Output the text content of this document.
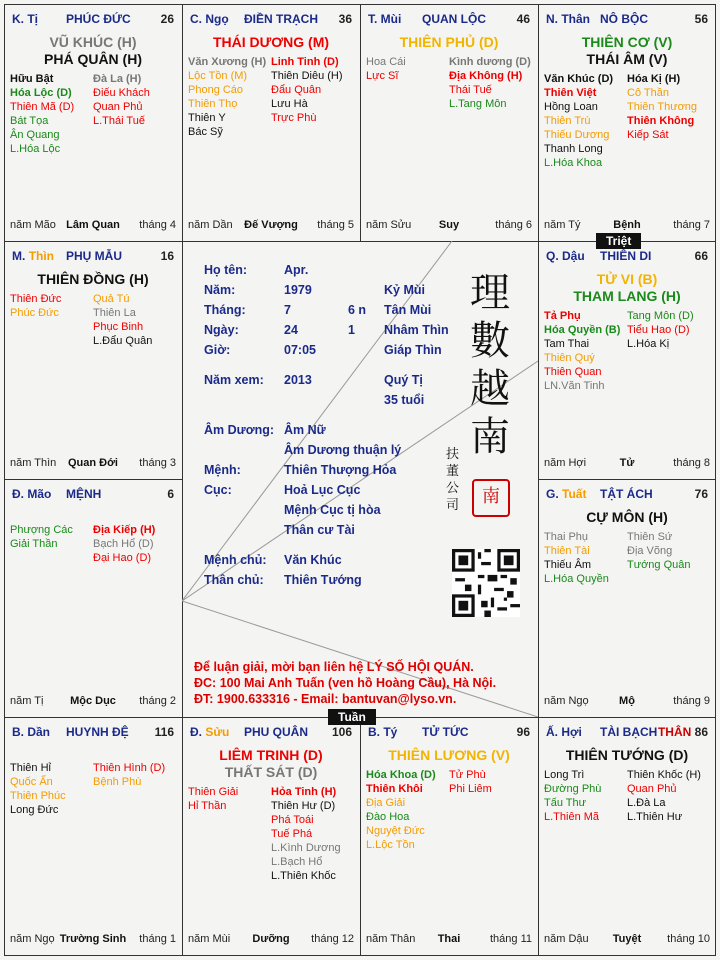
K. Tị PHÚC ĐỨC	26
VŨ KHÚC (H)
PHÁ QUÂN (H)
Hữu Bật
Hóa Lộc (D)
Thiên Mã (D)
Bát Tọa
Ân Quang
L.Hóa Lộc
Đà La (H)
Điếu Khách
Quan Phủ
L.Thái Tuế
năm Mão Lâm Quan	tháng 4
C. Ngọ ĐIỀN TRẠCH 36
THÁI DƯƠNG (M)
Văn Xương (H)
Lộc Tồn (M)
Phong Cáo
Thiên Thọ
Thiên Y
Bác Sỹ
Linh Tinh (D)
Thiên Diêu (H)
Đẩu Quân
Lưu Hà
Trực Phù
năm Dần	Đế Vượng	tháng 5
T. Mùi QUAN LỘC	46
THIÊN PHỦ (D)
Hoa Cái
Lực Sĩ
Kình dương (D)
Địa Không (H)
Thái Tuế
L.Tang Môn
năm Sửu	Suy	tháng 6
N. Thân NÔ BỘC	56
THIÊN CƠ (V)
THÁI ÂM (V)
Văn Khúc (D)
Thiên Việt
Hồng Loan
Thiên Trù
Thiếu Dương
Thanh Long
L.Hóa Khoa
Hóa Kị (H)
Cô Thần
Thiên Thương
Thiên Không
Kiếp Sát
năm Tý	Bệnh	tháng 7
M. Thìn PHỤ MẪU	16
THIÊN ĐỒNG (H)
Thiên Đức
Phúc Đức
Quả Tú
Thiên La
Phục Binh
L.Đẩu Quân
năm Thìn	Quan Đới	tháng 3
Q. Dậu THIÊN DI	66
TỬ VI (B)
THAM LANG (H)
Tả Phụ
Hóa Quyền (B)
Tam Thai
Thiên Quý
Thiên Quan
LN.Văn Tinh
Tang Môn (D)
Tiểu Hao (D)
L.Hóa Kị
năm Hợi	Tử	tháng 8
Đ. Mão MỆNH	6
Phượng Các
Giải Thần
Địa Kiếp (H)
Bạch Hổ (D)
Đại Hao (D)
năm Tị	Mộc Dục	tháng 2
G. Tuất TẬT ÁCH	76
CỰ MÔN (H)
Thai Phụ
Thiên Tài
Thiếu Âm
L.Hóa Quyền
Thiên Sứ
Địa Võng
Tướng Quân
năm Ngọ	Mộ	tháng 9
B. Dần HUYNH ĐỆ 116
Thiên Hỉ
Quốc Ấn
Thiên Phúc
Long Đức
Thiên Hình (D)
Bệnh Phù
năm Ngọ Trường Sinh	tháng 1
Đ. Sửu PHU QUÂN 106
LIÊM TRINH (D)
THẤT SÁT (D)
Thiên Giải
Hỉ Thần
Hỏa Tinh (H)
Thiên Hư (D)
Phá Toái
Tuế Phá
L.Kình Dương
L.Bạch Hổ
L.Thiên Khốc
năm Mùi	Dưỡng	tháng 12
B. Tý TỬ TỨC	96
THIÊN LƯƠNG (V)
Hóa Khoa (D)
Thiên Khôi
Địa Giải
Đào Hoa
Nguyệt Đức
L.Lộc Tồn
Tử Phù
Phi Liêm
năm Thân	Thai	tháng 11
Ấ. Hợi TÀI BẠCH THÂN 86
THIÊN TƯỚNG (D)
Long Trì
Đường Phù
Tấu Thư
L.Thiên Mã
Thiên Khốc (H)
Quan Phủ
L.Đà La
L.Thiên Hư
năm Dậu	Tuyệt	tháng 10
Triệt
Tuần
Họ tên:	Apr.
Năm:	1979	Kỷ Mùi
Tháng:	7	6 n Tân Mùi
Ngày:	24	1 Nhâm Thìn
Giờ:	07:05	Giáp Thìn
Năm xem: 2013	Quý Tị
35 tuổi
Âm Dương: Âm Nữ
Âm Dương thuận lý
Mệnh:	Thiên Thượng Hỏa
Cục:	Hoả Lục Cục
Mệnh Cục tị hòa
Thân cư Tài
Mệnh chủ: Văn Khúc
Thân chủ: Thiên Tướng
理
數
越
南
扶
董
公
司	南
Để luận giải, mời bạn liên hệ LÝ SỐ HỘI QUÁN.
ĐC: 100 Mai Anh Tuấn (ven hồ Hoàng Cầu), Hà Nội.
ĐT: 1900.633316 - Email: bantuvan@lyso.vn.
